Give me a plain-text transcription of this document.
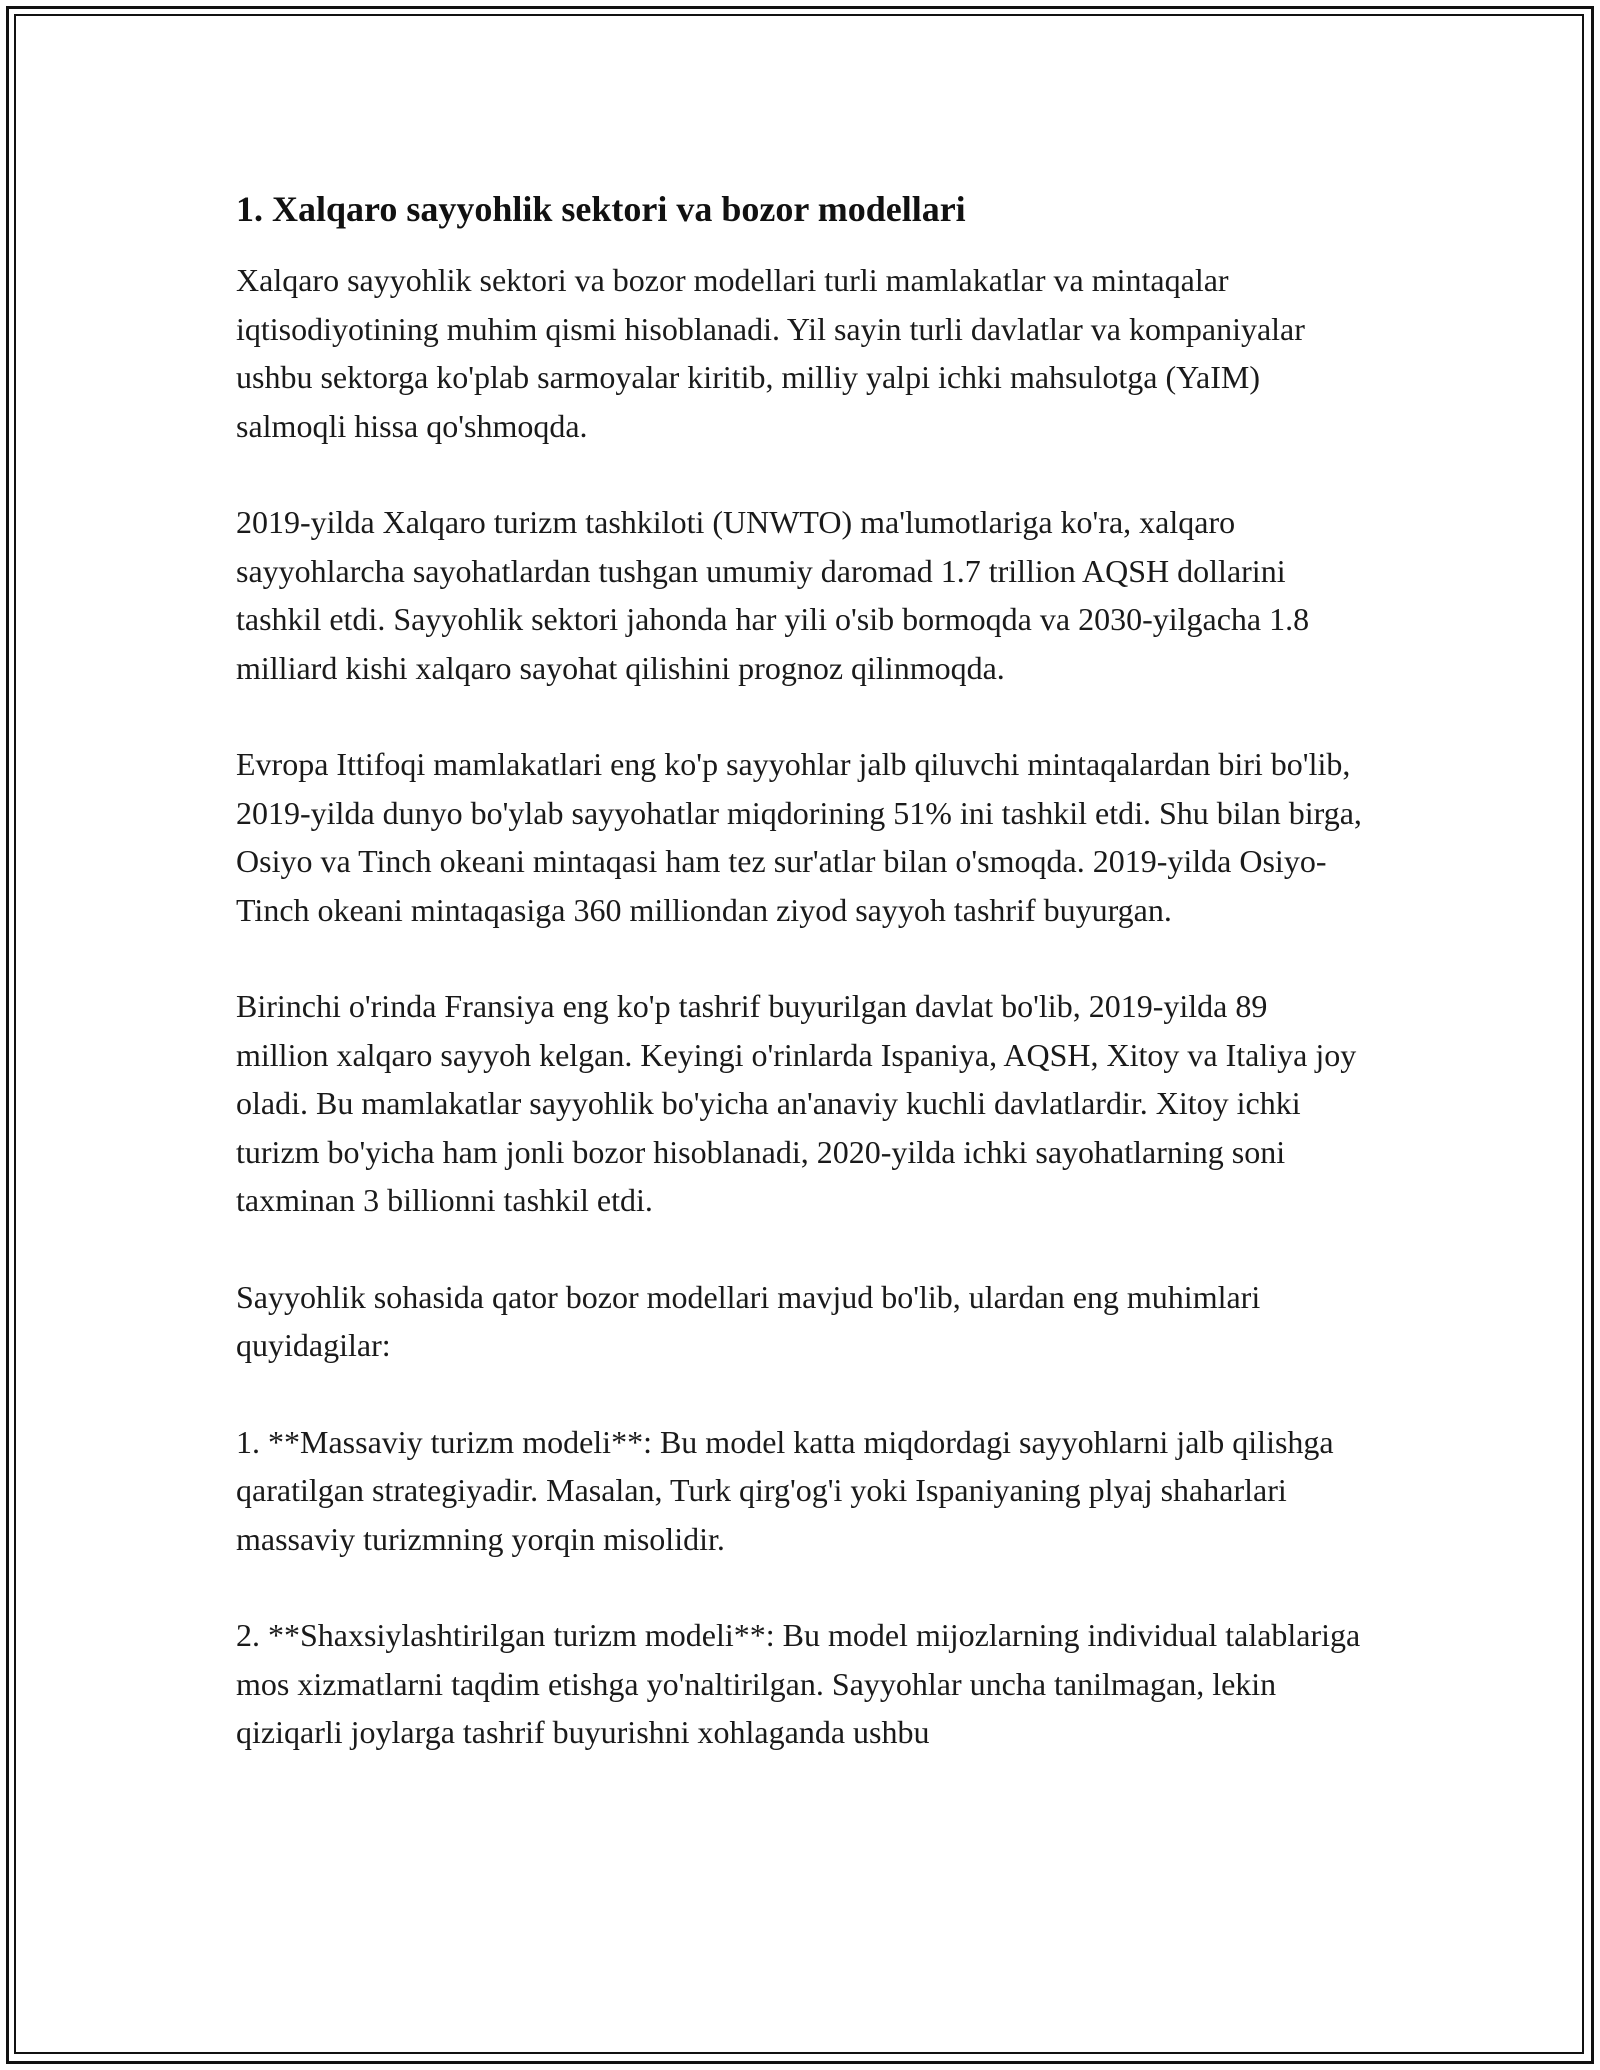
1. Xalqaro sayyohlik sektori va bozor modellari

Xalqaro sayyohlik sektori va bozor modellari turli mamlakatlar va mintaqalar iqtisodiyotining muhim qismi hisoblanadi. Yil sayin turli davlatlar va kompaniyalar ushbu sektorga ko'plab sarmoyalar kiritib, milliy yalpi ichki mahsulotga (YaIM) salmoqli hissa qo'shmoqda.

2019-yilda Xalqaro turizm tashkiloti (UNWTO) ma'lumotlariga ko'ra, xalqaro sayyohlarcha sayohatlardan tushgan umumiy daromad 1.7 trillion AQSH dollarini tashkil etdi. Sayyohlik sektori jahonda har yili o'sib bormoqda va 2030-yilgacha 1.8 milliard kishi xalqaro sayohat qilishini prognoz qilinmoqda.

Evropa Ittifoqi mamlakatlari eng ko'p sayyohlar jalb qiluvchi mintaqalardan biri bo'lib, 2019-yilda dunyo bo'ylab sayyohatlar miqdorining 51% ini tashkil etdi. Shu bilan birga, Osiyo va Tinch okeani mintaqasi ham tez sur'atlar bilan o'smoqda. 2019-yilda Osiyo-Tinch okeani mintaqasiga 360 milliondan ziyod sayyoh tashrif buyurgan.

Birinchi o'rinda Fransiya eng ko'p tashrif buyurilgan davlat bo'lib, 2019-yilda 89 million xalqaro sayyoh kelgan. Keyingi o'rinlarda Ispaniya, AQSH, Xitoy va Italiya joy oladi. Bu mamlakatlar sayyohlik bo'yicha an'anaviy kuchli davlatlardir. Xitoy ichki turizm bo'yicha ham jonli bozor hisoblanadi, 2020-yilda ichki sayohatlarning soni taxminan 3 billionni tashkil etdi.

Sayyohlik sohasida qator bozor modellari mavjud bo'lib, ulardan eng muhimlari quyidagilar:

1. **Massaviy turizm modeli**: Bu model katta miqdordagi sayyohlarni jalb qilishga qaratilgan strategiyadir. Masalan, Turk qirg'og'i yoki Ispaniyaning plyaj shaharlari massaviy turizmning yorqin misolidir.

2. **Shaxsiylashtirilgan turizm modeli**: Bu model mijozlarning individual talablariga mos xizmatlarni taqdim etishga yo'naltirilgan. Sayyohlar uncha tanilmagan, lekin qiziqarli joylarga tashrif buyurishni xohlaganda ushbu
